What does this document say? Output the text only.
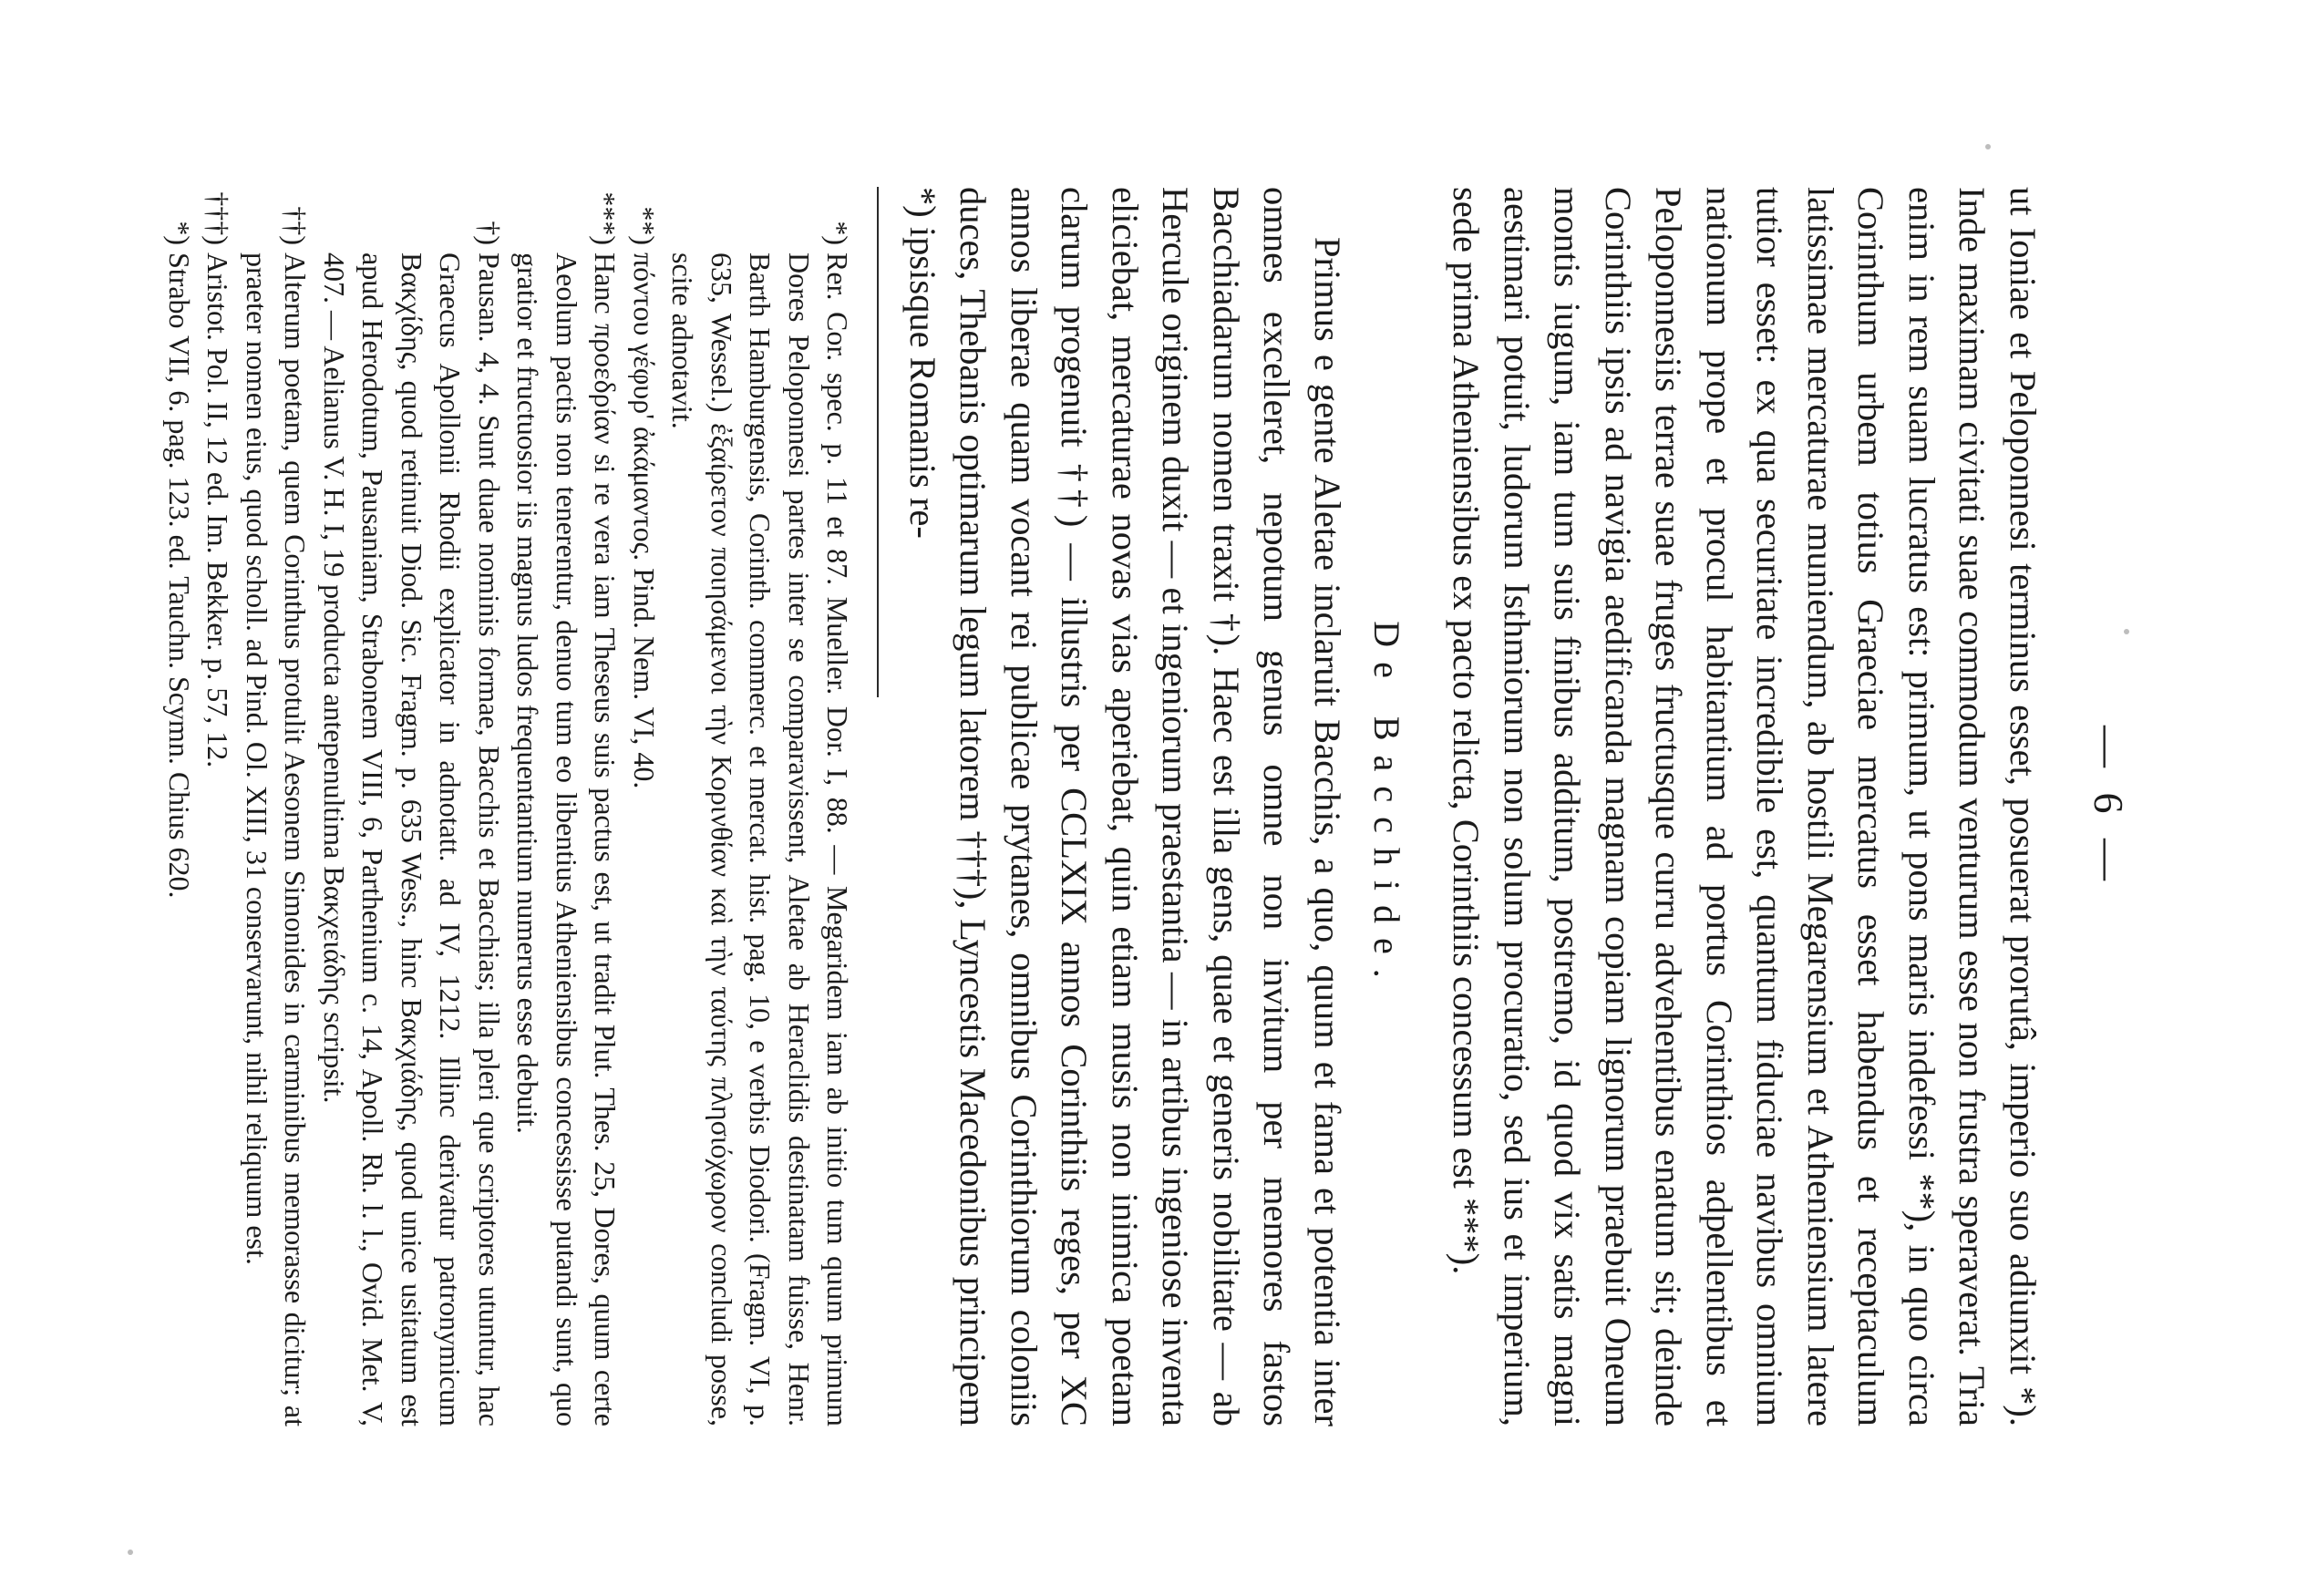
— 6 —

ut Ioniae et Peloponnesi terminus esset, posuerat prorutâ, imperio suo adiunxit *). Inde maximam civitati suae commodum venturum esse non frustra speraverat. Tria enim in rem suam lucratus est: primum, ut pons maris indefessi **), in quo circa Corinthum urbem totius Graeciae mercatus esset habendus et receptaculum latissimae mercaturae muniendum, ab hostili Megarensium et Atheniensium latere tutior esset: ex qua securitate incredibile est, quantum fiduciae navibus omnium nationum prope et procul habitantium ad portus Corinthios adpellentibus et Peloponnesiis terrae suae fruges fructusque curru advehentibus enatum sit; deinde Corinthiis ipsis ad navigia aedificanda magnam copiam lignorum praebuit Oneum montis iugum, iam tum suis finibus additum, postremo, id quod vix satis magni aestimari potuit, ludorum Isthmiorum non solum procuratio, sed ius et imperium, sede prima Atheniensibus ex pacto relicta, Corinthiis concessum est ***).

De Bacchide.

Primus e gente Aletae inclaruit Bacchis, a quo, quum et fama et potentia inter omnes excelleret, nepotum genus omne non invitum per memores fastos Bacchiadarum nomen traxit †). Haec est illa gens, quae et generis nobilitate — ab Hercule originem duxit — et ingeniorum praestantia — in artibus ingeniose inventa eliciebat, mercaturae novas vias aperiebat, quin etiam musis non inimica poetam clarum progenuit ††) — illustris per CCLXIX annos Corinthiis reges, per XC annos liberae quam vocant rei publicae prytanes, omnibus Corinthiorum coloniis duces, Thebanis optimarum legum latorem †††), Lyncestis Macedonibus principem *) ipsisque Romanis re-

*)
Rer. Cor. spec. p. 11 et 87. Mueller. Dor. I, 88. — Megaridem iam ab initio tum quum primum Dores Peloponnesi partes inter se comparavissent, Aletae ab Heraclidis destinatam fuisse, Henr. Barth Hamburgensis, Corinth. commerc. et mercat. hist. pag. 10, e verbis Diodori. (Fragm. VI, p. 635, Wessel.) ἐξαίρετον ποιησάμενοι τὴν Κορινθίαν καὶ τὴν ταύτης πλησιόχωρον concludi posse, scite adnotavit.

**)
πόντου γέφυρ' ἀκάμαντος. Pind. Nem. VI, 40.

***)
Hanc προεδρίαν si re vera iam Theseus suis pactus est, ut tradit Plut. Thes. 25, Dores, quum certe Aeolum pactis non tenerentur, denuo tum eo libentius Atheniensibus concessisse putandi sunt, quo gratior et fructuosior iis magnus ludos frequentantium numerus esse debuit.

†)
Pausan. 4, 4. Sunt duae nominis formae, Bacchis et Bacchias; illa pleri que scriptores utuntur, hac Graecus Apollonii Rhodii explicator in adnotatt. ad IV, 1212. Illinc derivatur patronymicum Βακχίδης, quod retinuit Diod. Sic. Fragm. p. 635 Wess., hinc Βακχιάδης, quod unice usitatum est apud Herodotum, Pausaniam, Strabonem VIII, 6, Parthenium c. 14, Apoll. Rh. l. l., Ovid. Met. V, 407. — Aelianus V. H. I, 19 producta antepenultima Βακχειάδης scripsit.

††)
Alterum poetam, quem Corinthus protulit Aesonem Simonides in carminibus memorasse dicitur; at praeter nomen eius, quod scholl. ad Pind. Ol. XIII, 31 conservarunt, nihil reliquum est.

†††)
Aristot. Pol. II, 12 ed. Im. Bekker. p. 57, 12.

*)
Strabo VII, 6. pag. 123. ed. Tauchn. Scymn. Chius 620.
